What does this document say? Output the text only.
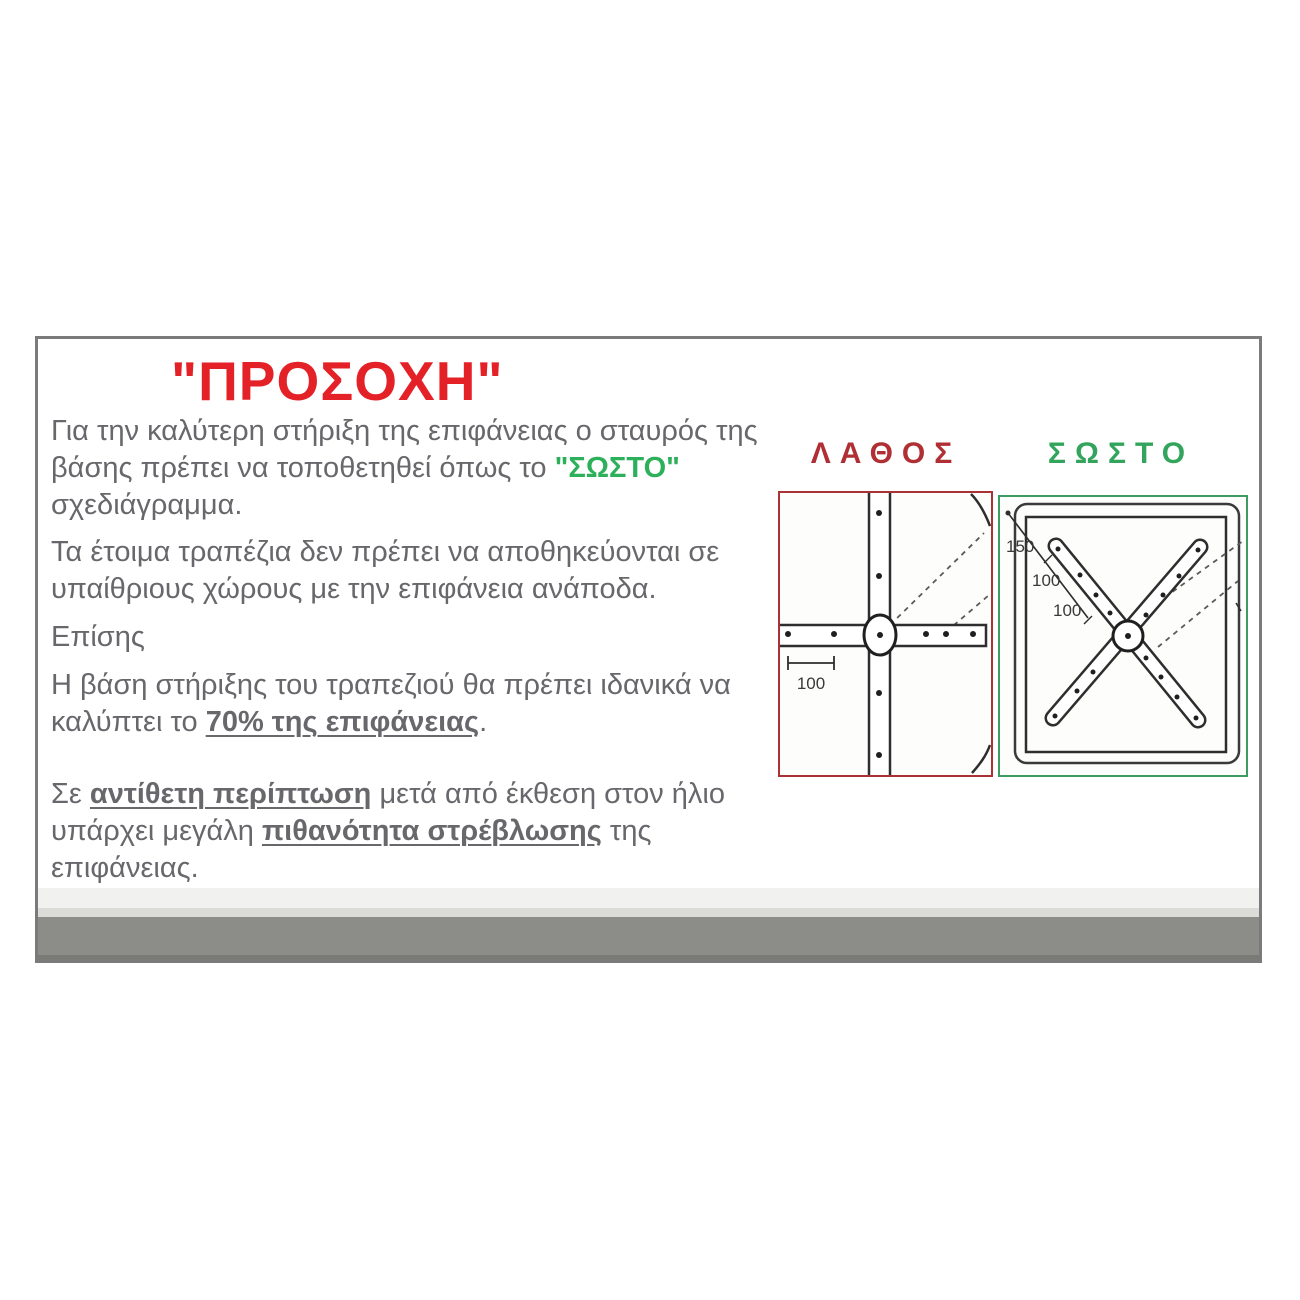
"ΠΡΟΣΟΧΗ"

Για την καλύτερη στήριξη της επιφάνειας ο σταυρός της
βάσης πρέπει να τοποθετηθεί όπως το "ΣΩΣΤΟ"
σχεδιάγραμμα.

Τα έτοιμα τραπέζια δεν πρέπει να αποθηκεύονται σε
υπαίθριους χώρους με την επιφάνεια ανάποδα.

Επίσης

Η βάση στήριξης του τραπεζιού θα πρέπει ιδανικά να
καλύπτει το 70% της επιφάνειας.

Σε αντίθετη περίπτωση μετά από έκθεση στον ήλιο
υπάρχει μεγάλη πιθανότητα στρέβλωσης της
επιφάνειας.

ΛΑΘΟΣ	ΣΩΣΤΟ
100
150
100
100
